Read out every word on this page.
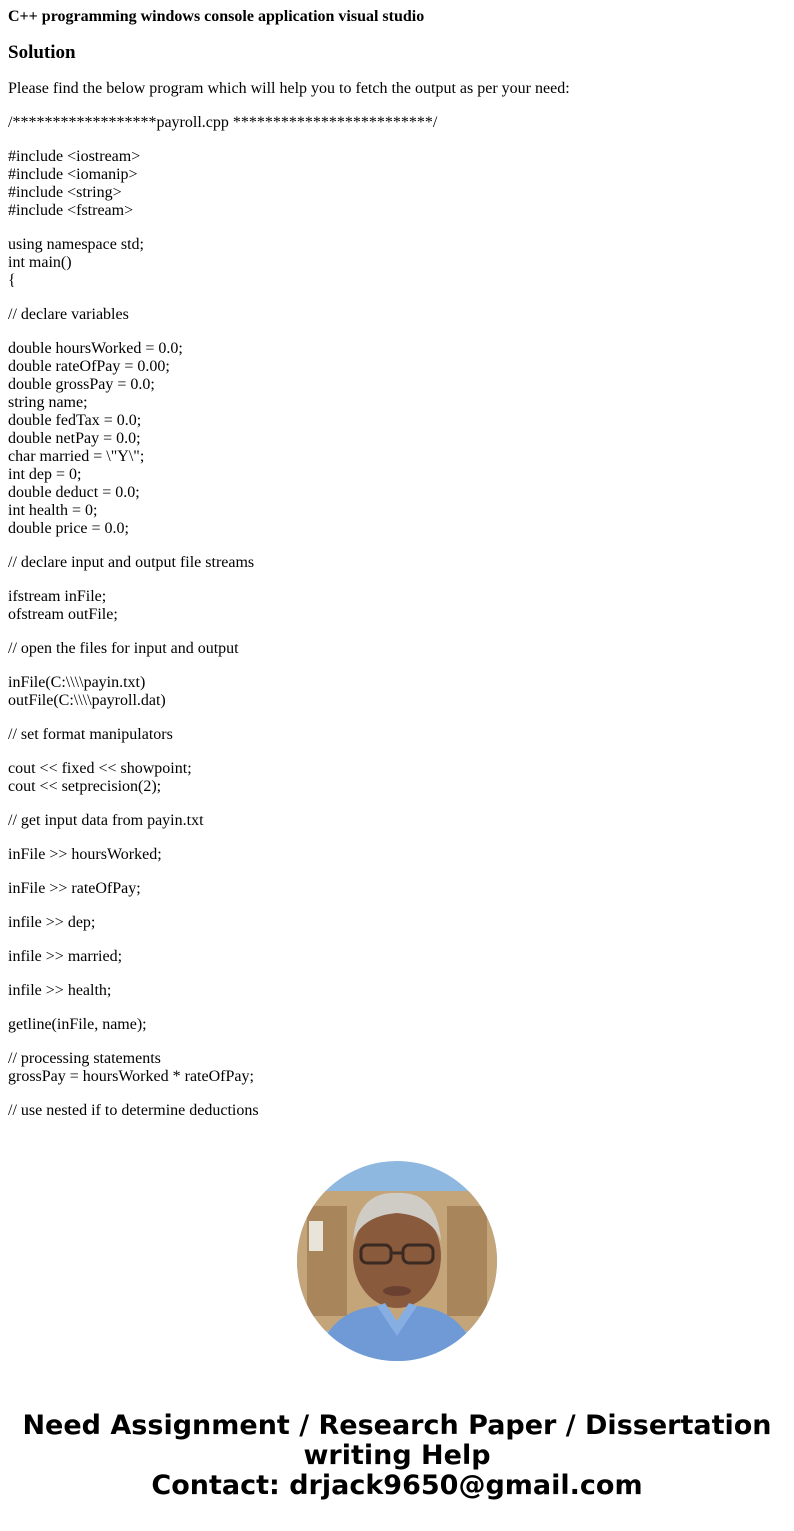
C++ programming windows console application visual studio
Solution
Please find the below program which will help you to fetch the output as per your need:
/******************payroll.cpp *************************/
#include <iostream>
#include <iomanip>
#include <string>
#include <fstream>
using namespace std;
int main()
{
// declare variables
double hoursWorked = 0.0;
double rateOfPay = 0.00;
double grossPay = 0.0;
string name;
double fedTax = 0.0;
double netPay = 0.0;
char married = \"Y\";
int dep = 0;
double deduct = 0.0;
int health = 0;
double price = 0.0;
// declare input and output file streams
ifstream inFile;
ofstream outFile;
// open the files for input and output
inFile(C:\\\\payin.txt)
outFile(C:\\\\payroll.dat)
// set format manipulators
cout << fixed << showpoint;
cout << setprecision(2);
// get input data from payin.txt
inFile >> hoursWorked;
inFile >> rateOfPay;
infile >> dep;
infile >> married;
infile >> health;
getline(inFile, name);
// processing statements
grossPay = hoursWorked * rateOfPay;
// use nested if to determine deductions
Need Assignment / Research Paper / Dissertation
writing Help
Contact: drjack9650@gmail.com
